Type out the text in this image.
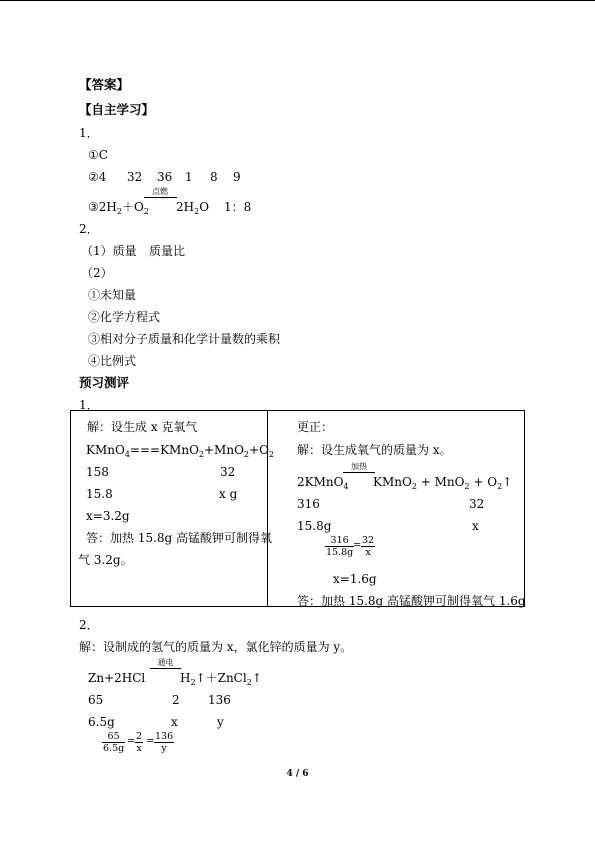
【答案】
【自主学习】
1．
①C
②4 32 36 1 8 9
$③2H_2+O_2$
点燃
$2H_2O$ 1：8
2．
（1）质量 质量比
（2）
①未知量
②化学方程式
③相对分子质量和化学计量数的乘积
④比例式
预习测评
1．
解：设生成 x 克氧气
$KMnO_4===KMnO_2+MnO_2+O_2$
158	32
15.8	x g
x=3.2g
答：加热 15.8g 高锰酸钾可制得氧
气 3.2g。
更正：
解：设生成氧气的质量为 x。
加热
2KMnO$_4$ KMnO$_2$ + $MnO_2 + O_2↑$
316	32
15.8g	x
$\frac{316}{15.8g}$
= $\frac{32}{x}$
x=1.6g
答：加热 15.8g 高锰酸钾可制得氧气 1.6g
2．
解：设制成的氢气的质量为 x，氯化锌的质量为 y。
Zn+2HCl
通电
$H_2↑+ZnCl_2↑$
65	2 136
6.5g	x	y
$\frac{65}{6.5g} = \frac{2}{x} = \frac{136}{y}$
4 / 6
